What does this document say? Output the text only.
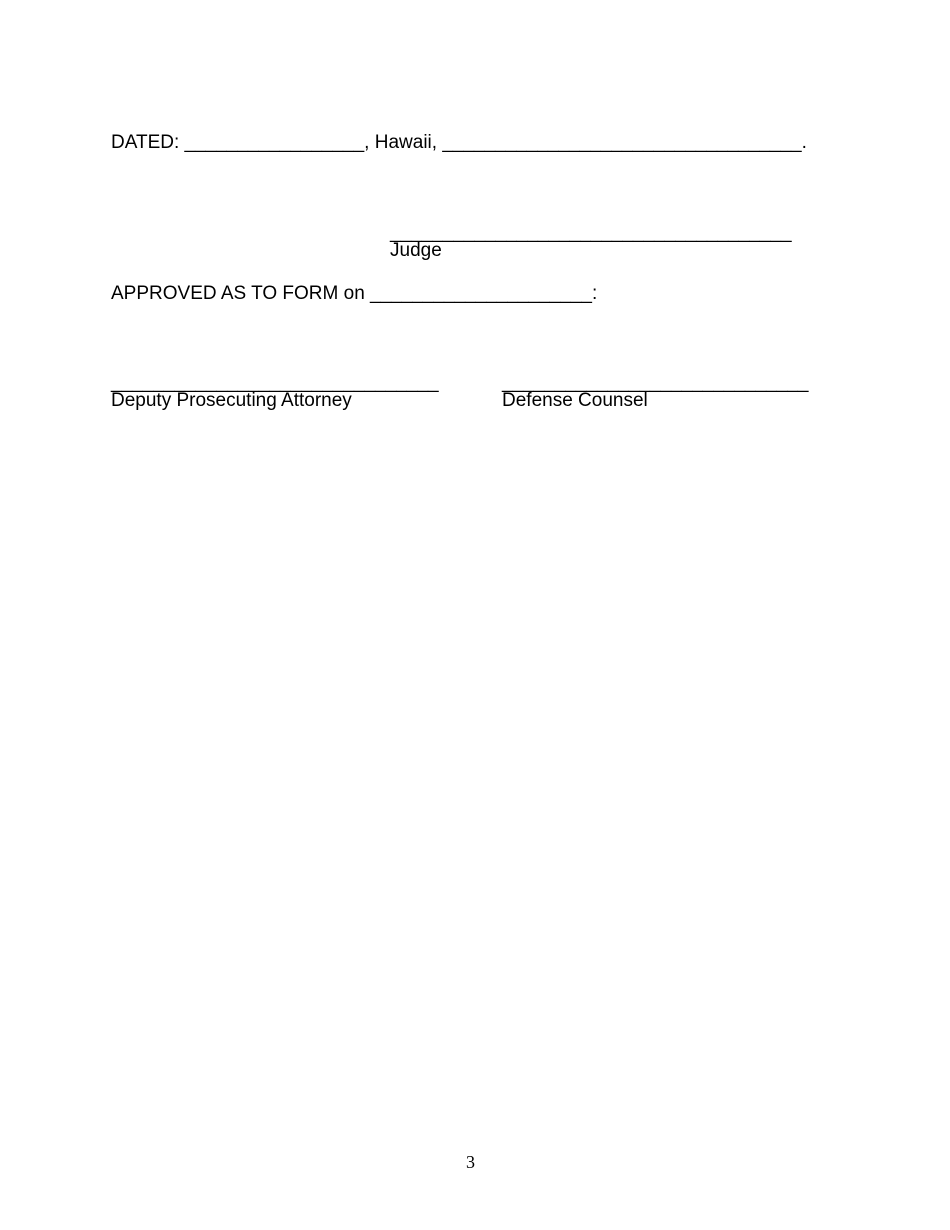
DATED: _________________, Hawaii, __________________________________.
______________________________________
Judge
APPROVED AS TO FORM on _____________________:
_______________________________
Deputy Prosecuting Attorney
_____________________________
Defense Counsel
3
